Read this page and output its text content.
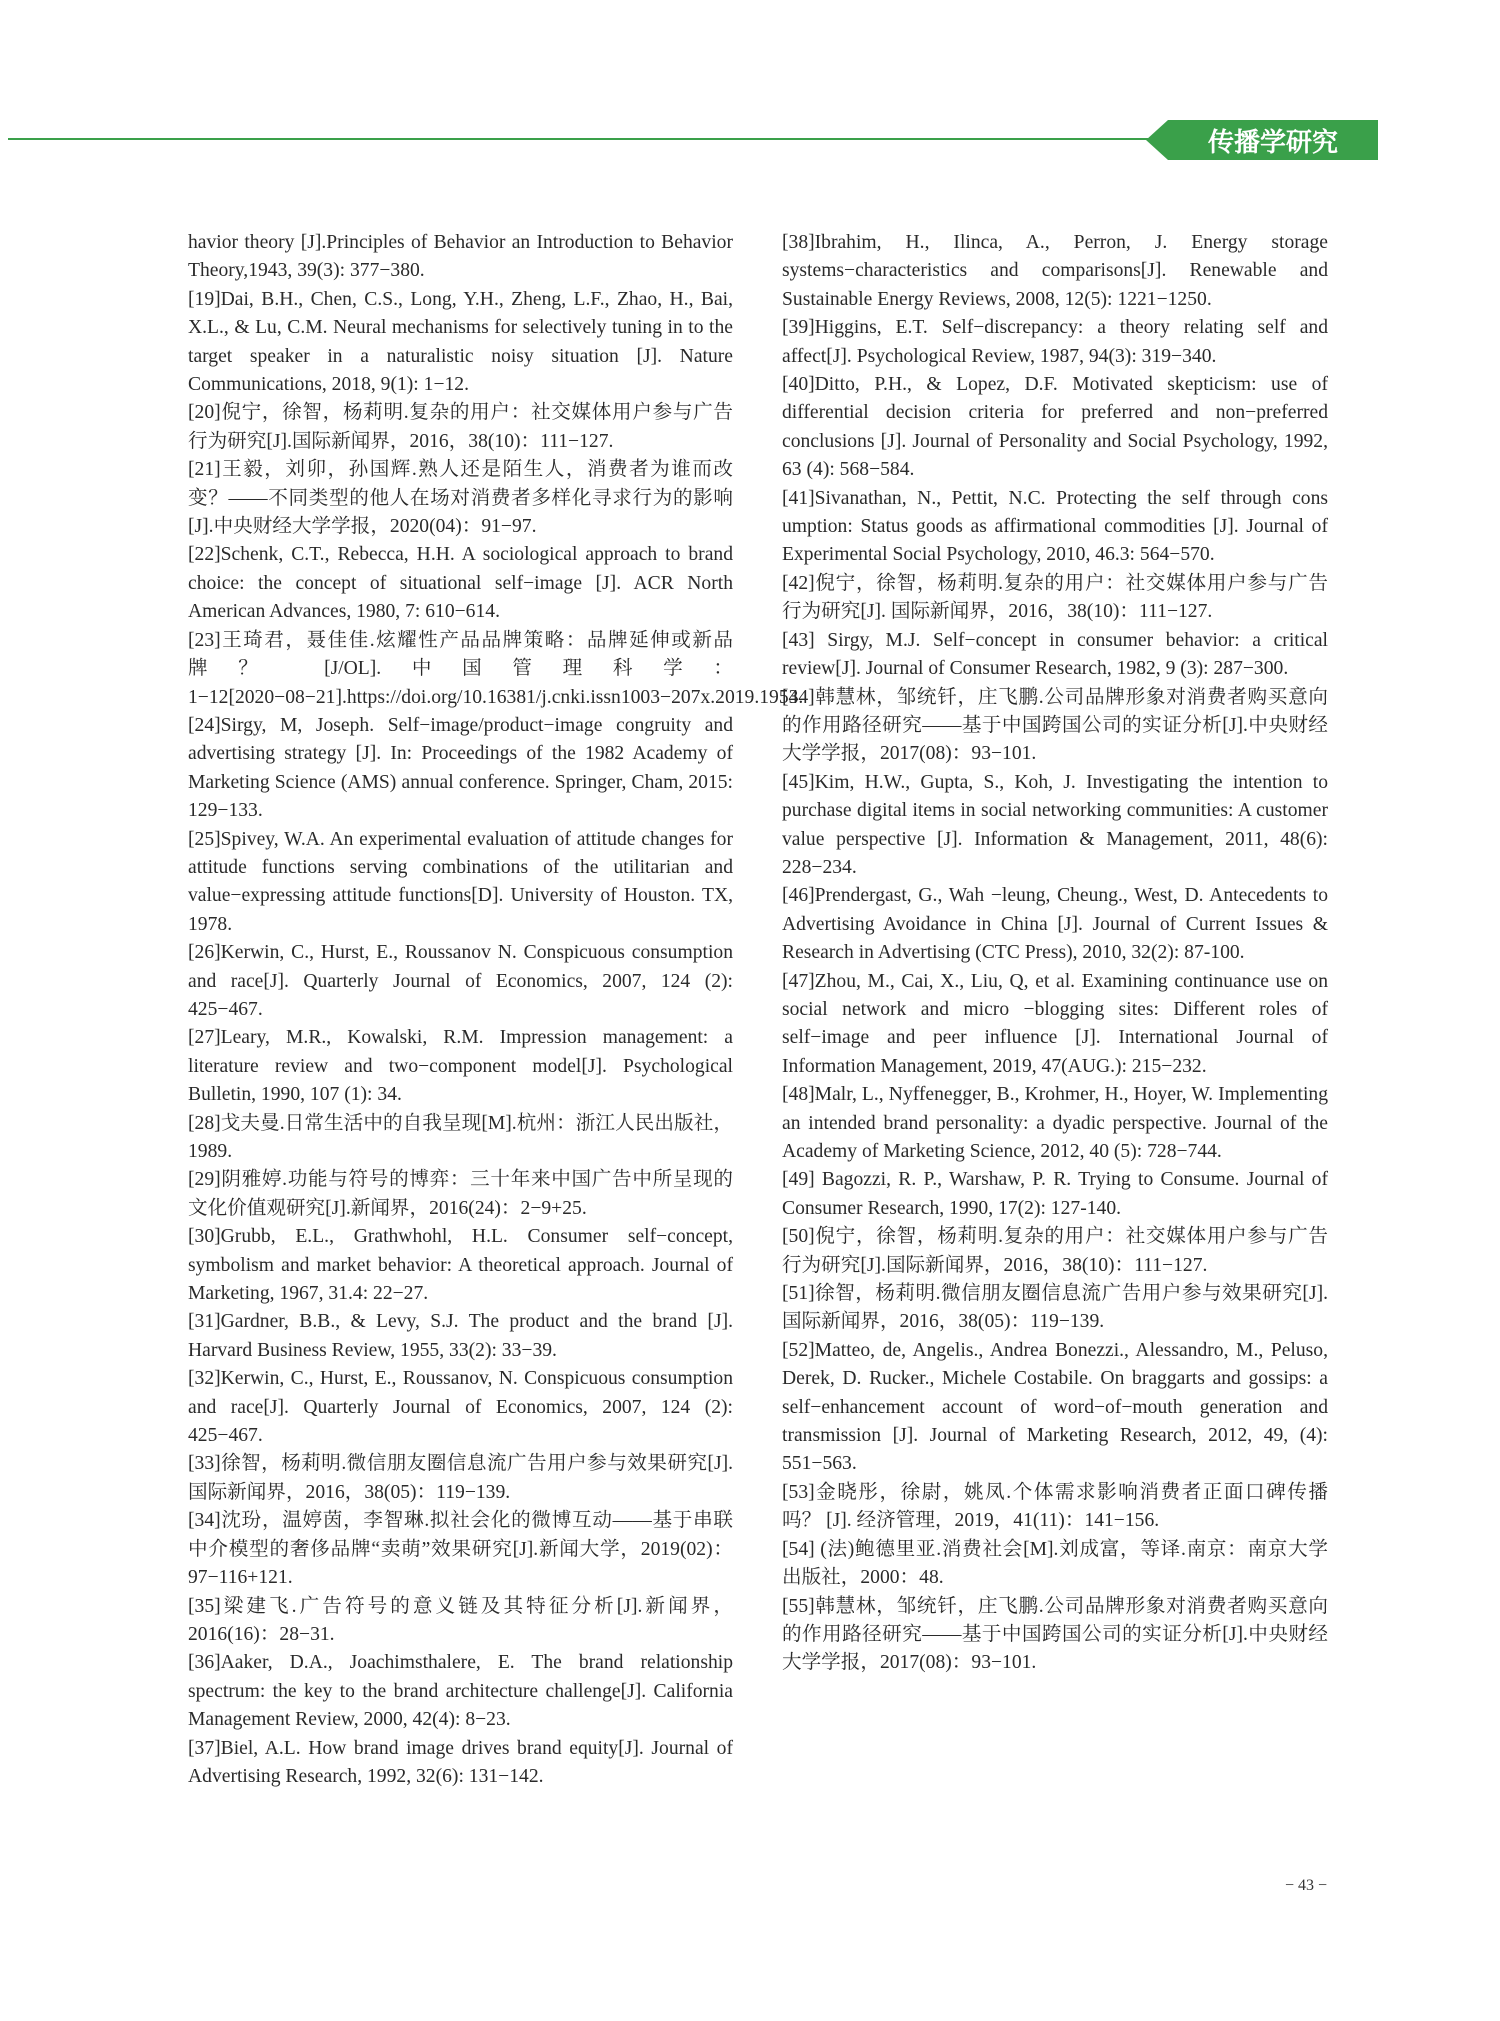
传播学研究

havior theory [J].Principles of Behavior an Introduction to Behavior Theory,1943, 39(3): 377−380.

[19]Dai, B.H., Chen, C.S., Long, Y.H., Zheng, L.F., Zhao, H., Bai, X.L., & Lu, C.M. Neural mechanisms for selectively tuning in to the target speaker in a naturalistic noisy situation [J]. Nature Communications, 2018, 9(1): 1−12.

[20]倪宁，徐智，杨莉明.复杂的用户：社交媒体用户参与广告行为研究[J].国际新闻界，2016，38(10)：111−127.

[21]王毅，刘卯，孙国辉.熟人还是陌生人，消费者为谁而改变？——不同类型的他人在场对消费者多样化寻求行为的影响[J].中央财经大学学报，2020(04)：91−97.

[22]Schenk, C.T., Rebecca, H.H. A sociological approach to brand choice: the concept of situational self−image [J]. ACR North American Advances, 1980, 7: 610−614.

[23]王琦君，聂佳佳.炫耀性产品品牌策略：品牌延伸或新品牌？ [J/OL].中国管理科学：1−12[2020−08−21].https://doi.org/10.16381/j.cnki.issn1003−207x.2019.1953.

[24]Sirgy, M, Joseph. Self−image/product−image congruity and advertising strategy [J]. In: Proceedings of the 1982 Academy of Marketing Science (AMS) annual conference. Springer, Cham, 2015: 129−133.

[25]Spivey, W.A. An experimental evaluation of attitude changes for attitude functions serving combinations of the utilitarian and value−expressing attitude functions[D]. University of Houston. TX, 1978.

[26]Kerwin, C., Hurst, E., Roussanov N. Conspicuous consumption and race[J]. Quarterly Journal of Economics, 2007, 124 (2): 425−467.

[27]Leary, M.R., Kowalski, R.M. Impression management: a literature review and two−component model[J]. Psychological Bulletin, 1990, 107 (1): 34.

[28]戈夫曼.日常生活中的自我呈现[M].杭州：浙江人民出版社，1989.

[29]阴雅婷.功能与符号的博弈：三十年来中国广告中所呈现的文化价值观研究[J].新闻界，2016(24)：2−9+25.

[30]Grubb, E.L., Grathwhohl, H.L. Consumer self−concept, symbolism and market behavior: A theoretical approach. Journal of Marketing, 1967, 31.4: 22−27.

[31]Gardner, B.B., & Levy, S.J. The product and the brand [J]. Harvard Business Review, 1955, 33(2): 33−39.

[32]Kerwin, C., Hurst, E., Roussanov, N. Conspicuous consumption and race[J]. Quarterly Journal of Economics, 2007, 124 (2): 425−467.

[33]徐智，杨莉明.微信朋友圈信息流广告用户参与效果研究[J].国际新闻界，2016，38(05)：119−139.

[34]沈玢，温婷茵，李智琳.拟社会化的微博互动——基于串联中介模型的奢侈品牌“卖萌”效果研究[J].新闻大学，2019(02)：97−116+121.

[35]梁建飞.广告符号的意义链及其特征分析[J].新闻界，2016(16)：28−31.

[36]Aaker, D.A., Joachimsthalere, E. The brand relationship spectrum: the key to the brand architecture challenge[J]. California Management Review, 2000, 42(4): 8−23.

[37]Biel, A.L. How brand image drives brand equity[J]. Journal of Advertising Research, 1992, 32(6): 131−142.

[38]Ibrahim, H., Ilinca, A., Perron, J. Energy storage systems−characteristics and comparisons[J]. Renewable and Sustainable Energy Reviews, 2008, 12(5): 1221−1250.

[39]Higgins, E.T. Self−discrepancy: a theory relating self and affect[J]. Psychological Review, 1987, 94(3): 319−340.

[40]Ditto, P.H., & Lopez, D.F. Motivated skepticism: use of differential decision criteria for preferred and non−preferred conclusions [J]. Journal of Personality and Social Psychology, 1992, 63 (4): 568−584.

[41]Sivanathan, N., Pettit, N.C. Protecting the self through cons umption: Status goods as affirmational commodities [J]. Journal of Experimental Social Psychology, 2010, 46.3: 564−570.

[42]倪宁，徐智，杨莉明.复杂的用户：社交媒体用户参与广告行为研究[J]. 国际新闻界，2016，38(10)：111−127.

[43] Sirgy, M.J. Self−concept in consumer behavior: a critical review[J]. Journal of Consumer Research, 1982, 9 (3): 287−300.

[44]韩慧林，邹统钎，庄飞鹏.公司品牌形象对消费者购买意向的作用路径研究——基于中国跨国公司的实证分析[J].中央财经大学学报，2017(08)：93−101.

[45]Kim, H.W., Gupta, S., Koh, J. Investigating the intention to purchase digital items in social networking communities: A customer value perspective [J]. Information & Management, 2011, 48(6): 228−234.

[46]Prendergast, G., Wah −leung, Cheung., West, D. Antecedents to Advertising Avoidance in China [J]. Journal of Current Issues & Research in Advertising (CTC Press), 2010, 32(2): 87‐100.

[47]Zhou, M., Cai, X., Liu, Q, et al. Examining continuance use on social network and micro −blogging sites: Different roles of self−image and peer influence [J]. International Journal of Information Management, 2019, 47(AUG.): 215−232.

[48]Malr, L., Nyffenegger, B., Krohmer, H., Hoyer, W. Implementing an intended brand personality: a dyadic perspective. Journal of the Academy of Marketing Science, 2012, 40 (5): 728−744.

[49] Bagozzi, R. P., Warshaw, P. R. Trying to Consume. Journal of Consumer Research, 1990, 17(2): 127‐140.

[50]倪宁，徐智，杨莉明.复杂的用户：社交媒体用户参与广告行为研究[J].国际新闻界，2016，38(10)：111−127.

[51]徐智，杨莉明.微信朋友圈信息流广告用户参与效果研究[J].国际新闻界，2016，38(05)：119−139.

[52]Matteo, de, Angelis., Andrea Bonezzi., Alessandro, M., Peluso, Derek, D. Rucker., Michele Costabile. On braggarts and gossips: a self−enhancement account of word−of−mouth generation and transmission [J]. Journal of Marketing Research, 2012, 49, (4): 551−563.

[53]金晓彤，徐尉，姚凤.个体需求影响消费者正面口碑传播吗？ [J]. 经济管理，2019，41(11)：141−156.

[54] (法)鲍德里亚.消费社会[M].刘成富，等译.南京：南京大学出版社，2000：48.

[55]韩慧林，邹统钎，庄飞鹏.公司品牌形象对消费者购买意向的作用路径研究——基于中国跨国公司的实证分析[J].中央财经大学学报，2017(08)：93−101.

− 43 −
